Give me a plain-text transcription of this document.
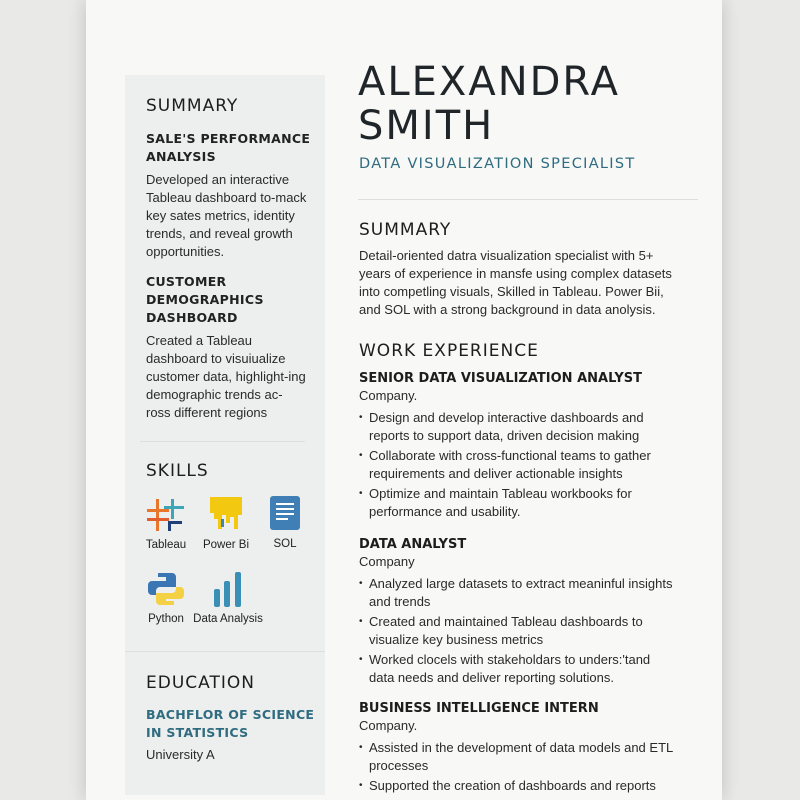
SUMMARY
SALE'S PERFORMANCE ANALYSIS
Developed an interactive Tableau dashboard to-mack key sates metrics, identity trends, and reveal growth opportunities.
CUSTOMER DEMOGRAPHICS DASHBOARD
Created a Tableau dashboard to visuiualize customer data, highlight-ing demographic trends ac-ross different regions
SKILLS
Tableau	Power Bi	SOL
Python Data Analysis
EDUCATION
BACHFLOR OF SCIENCE IN STATISTICS
University A
ALEXANDRA
SMITH
DATA VISUALIZATION SPECIALIST
SUMMARY
Detail-oriented datra visualization specialist with 5+ years of experience in mansfe using complex datasets into competling visuals, Skilled in Tableau. Power Bii, and SOL with a strong background in data anolysis.
WORK EXPERIENCE
SENIOR DATA VISUALIZATION ANALYST
Company.
• Design and develop interactive dashboards and reports to support data, driven decision making
• Collaborate with cross-functional teams to gather requirements and deliver actionable insights
• Optimize and maintain Tableau workbooks for performance and usability.
DATA ANALYST
Company
• Analyzed large datasets to extract meaninful insights and trends
• Created and maintained Tableau dashboards to visualize key business metrics
• Worked clocels with stakeholdars to unders:'tand data needs and deliver reporting solutions.
BUSINESS INTELLIGENCE INTERN
Company.
• Assisted in the development of data models and ETL processes
• Supported the creation of dashboards and reports
